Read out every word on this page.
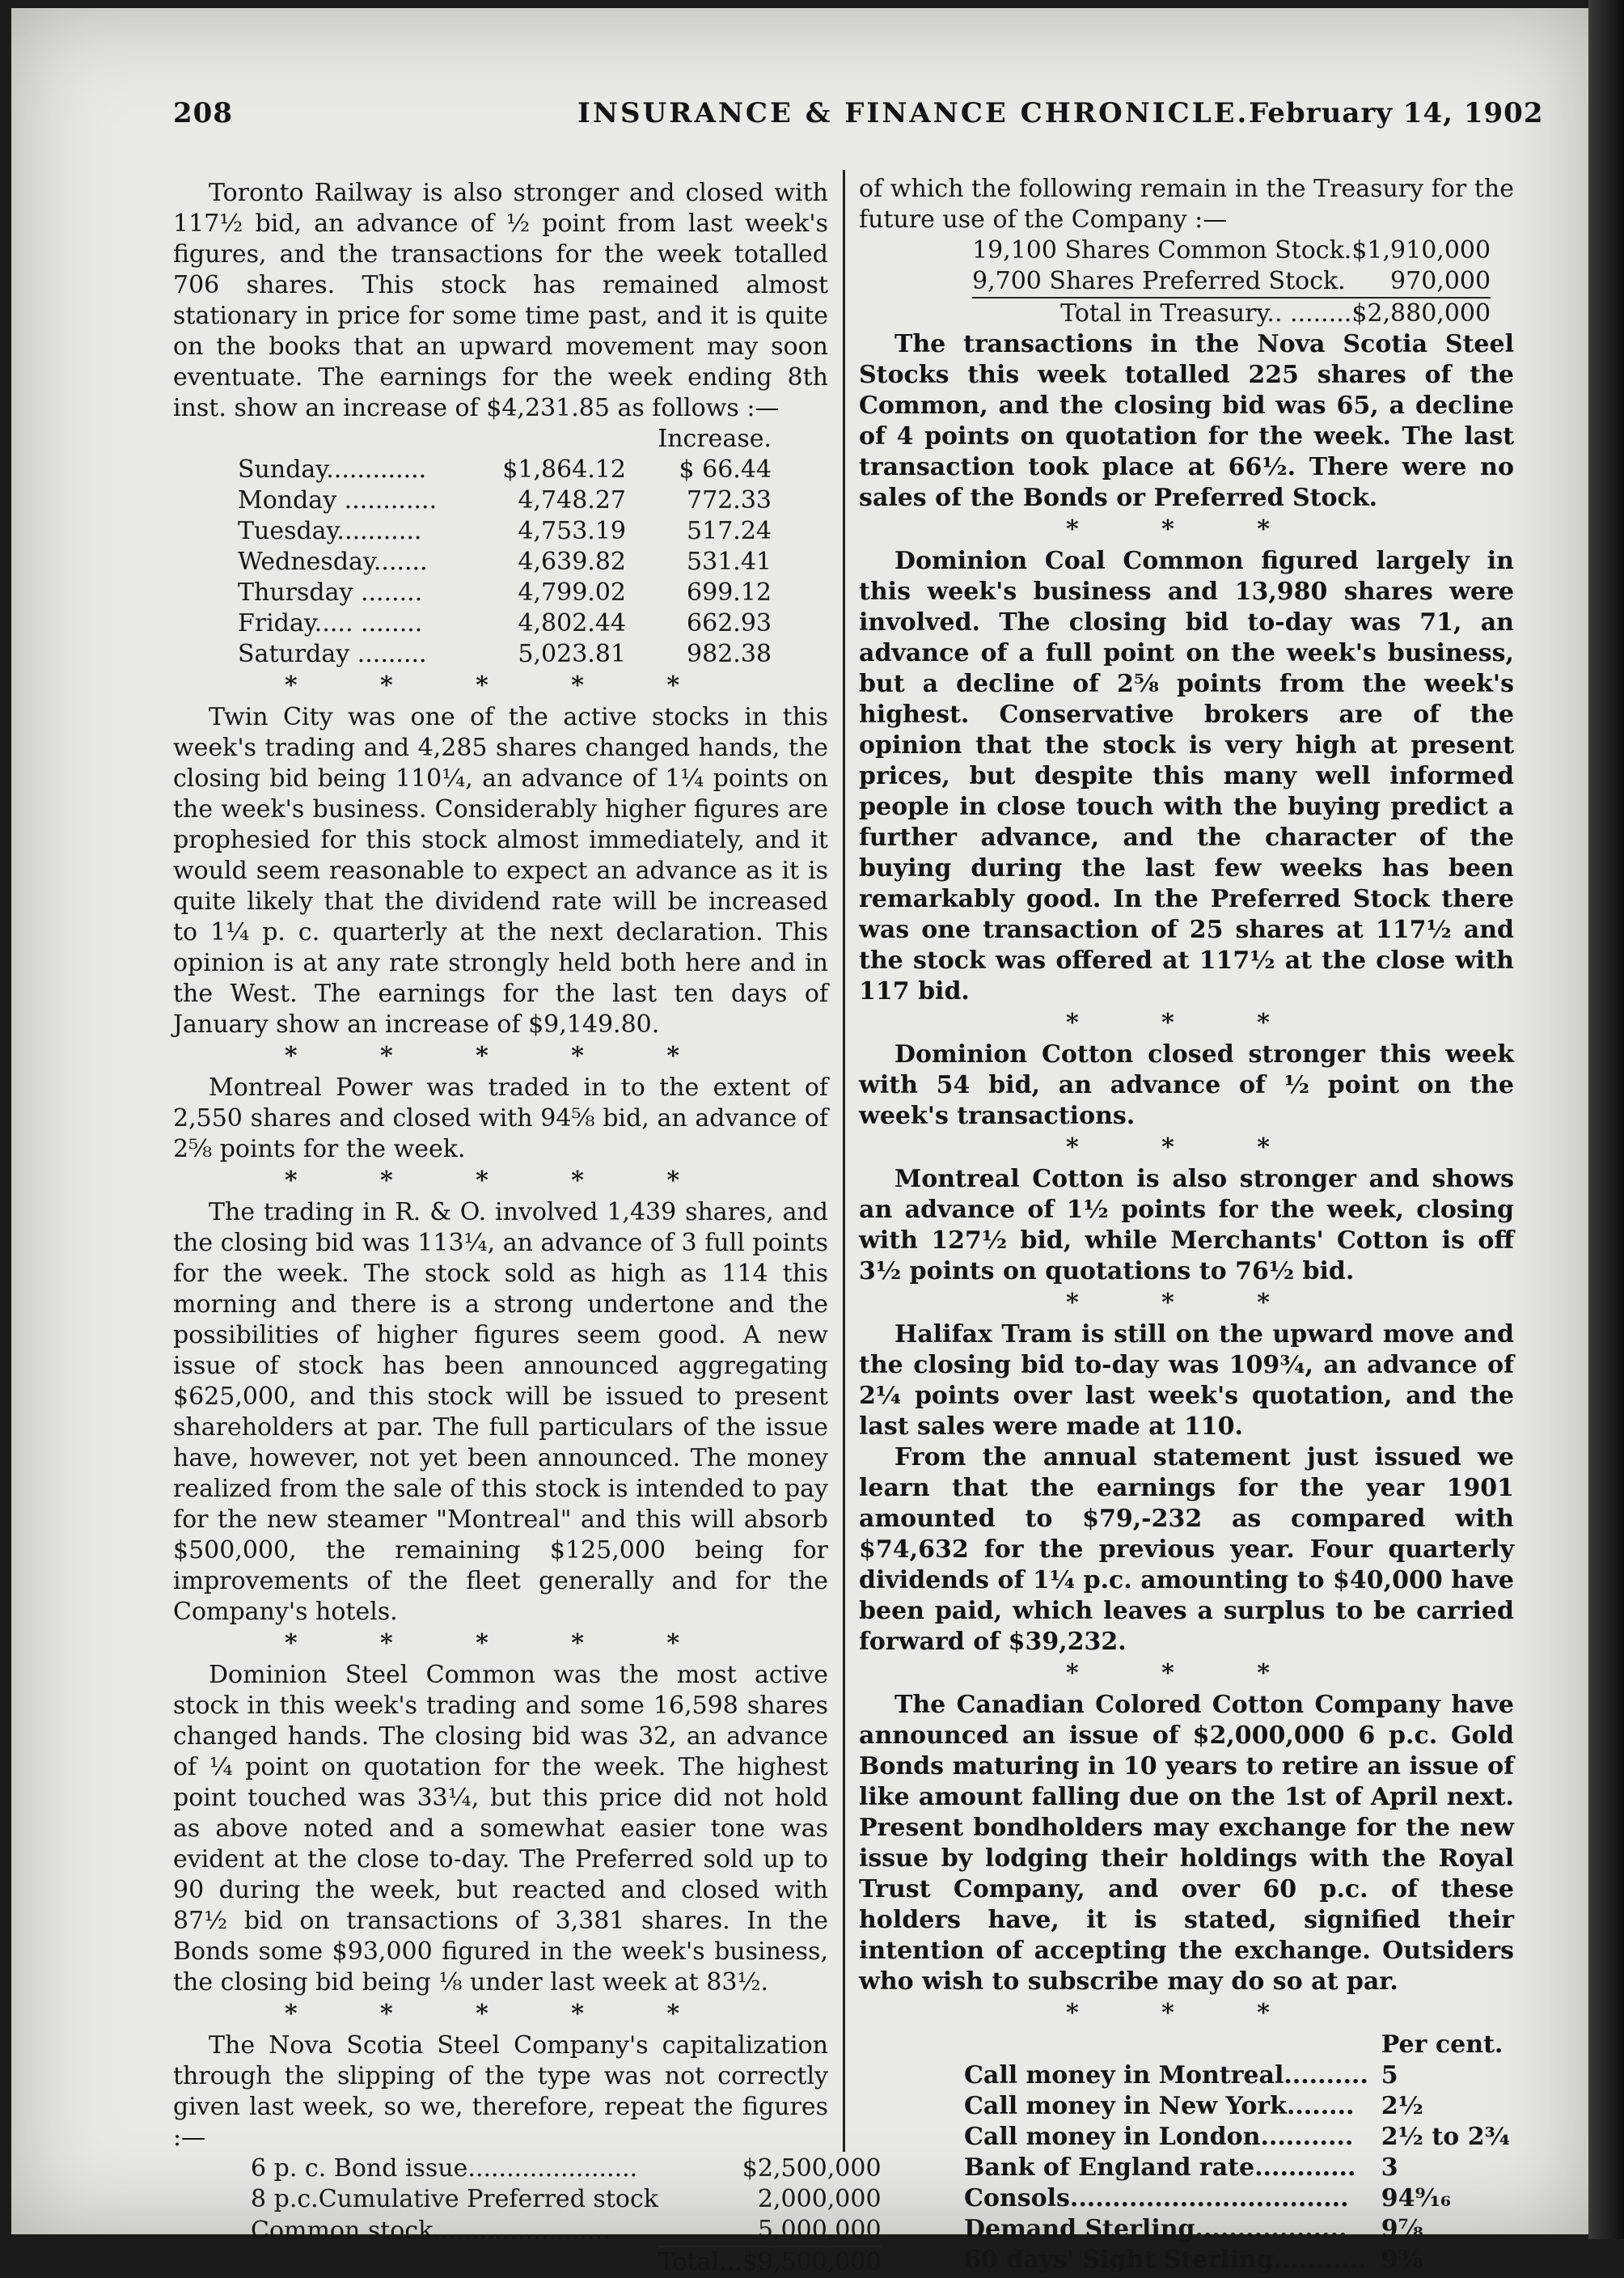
208	INSURANCE & FINANCE CHRONICLE. February 14, 1902

Toronto Railway is also stronger and closed with 117½ bid, an advance of ½ point from last week's figures, and the transactions for the week totalled 706 shares. This stock has remained almost stationary in price for some time past, and it is quite on the books that an upward movement may soon eventuate. The earnings for the week ending 8th inst. show an increase of $4,231.85 as follows :—

		Increase.
Sunday.............	$1,864.12	$ 66.44
Monday ............	4,748.27	772.33
Tuesday...........	4,753.19	517.24
Wednesday.......	4,639.82	531.41
Thursday ........	4,799.02	699.12
Friday..... ........	4,802.44	662.93
Saturday .........	5,023.81	982.38
* * * * *

Twin City was one of the active stocks in this week's trading and 4,285 shares changed hands, the closing bid being 110¼, an advance of 1¼ points on the week's business. Considerably higher figures are prophesied for this stock almost immediately, and it would seem reasonable to expect an advance as it is quite likely that the dividend rate will be increased to 1¼ p. c. quarterly at the next declaration. This opinion is at any rate strongly held both here and in the West. The earnings for the last ten days of January show an increase of $9,149.80.

* * * * *

Montreal Power was traded in to the extent of 2,550 shares and closed with 94⅝ bid, an advance of 2⅝ points for the week.

* * * * *

The trading in R. & O. involved 1,439 shares, and the closing bid was 113¼, an advance of 3 full points for the week. The stock sold as high as 114 this morning and there is a strong undertone and the possibilities of higher figures seem good. A new issue of stock has been announced aggregating $625,000, and this stock will be issued to present shareholders at par. The full particulars of the issue have, however, not yet been announced. The money realized from the sale of this stock is intended to pay for the new steamer "Montreal" and this will absorb $500,000, the remaining $125,000 being for improvements of the fleet generally and for the Company's hotels.

* * * * *

Dominion Steel Common was the most active stock in this week's trading and some 16,598 shares changed hands. The closing bid was 32, an advance of ¼ point on quotation for the week. The highest point touched was 33¼, but this price did not hold as above noted and a somewhat easier tone was evident at the close to-day. The Preferred sold up to 90 during the week, but reacted and closed with 87½ bid on transactions of 3,381 shares. In the Bonds some $93,000 figured in the week's business, the closing bid being ⅛ under last week at 83½.

* * * * *

The Nova Scotia Steel Company's capitalization through the slipping of the type was not correctly given last week, so we, therefore, repeat the figures :—

6 p. c. Bond issue......................	$2,500,000
8 p.c.Cumulative Preferred stock	2,000,000
Common stock.......................	5,000,000
	Total...$9,500,000

of which the following remain in the Treasury for the future use of the Company :—

19,100 Shares Common Stock.	$1,910,000
9,700 Shares Preferred Stock.	970,000
Total in Treasury.. ........$2,880,000	

The transactions in the Nova Scotia Steel Stocks this week totalled 225 shares of the Common, and the closing bid was 65, a decline of 4 points on quotation for the week. The last transaction took place at 66½. There were no sales of the Bonds or Preferred Stock.

* * *

Dominion Coal Common figured largely in this week's business and 13,980 shares were involved. The closing bid to-day was 71, an advance of a full point on the week's business, but a decline of 2⅝ points from the week's highest. Conservative brokers are of the opinion that the stock is very high at present prices, but despite this many well informed people in close touch with the buying predict a further advance, and the character of the buying during the last few weeks has been remarkably good. In the Preferred Stock there was one transaction of 25 shares at 117½ and the stock was offered at 117½ at the close with 117 bid.

* * *

Dominion Cotton closed stronger this week with 54 bid, an advance of ½ point on the week's transactions.

* * *

Montreal Cotton is also stronger and shows an advance of 1½ points for the week, closing with 127½ bid, while Merchants' Cotton is off 3½ points on quotations to 76½ bid.

* * *

Halifax Tram is still on the upward move and the closing bid to-day was 109¾, an advance of 2¼ points over last week's quotation, and the last sales were made at 110.

From the annual statement just issued we learn that the earnings for the year 1901 amounted to $79,-232 as compared with $74,632 for the previous year. Four quarterly dividends of 1¼ p.c. amounting to $40,000 have been paid, which leaves a surplus to be carried forward of $39,232.

* * *

The Canadian Colored Cotton Company have announced an issue of $2,000,000 6 p.c. Gold Bonds maturing in 10 years to retire an issue of like amount falling due on the 1st of April next. Present bondholders may exchange for the new issue by lodging their holdings with the Royal Trust Company, and over 60 p.c. of these holders have, it is stated, signified their intention of accepting the exchange. Outsiders who wish to subscribe may do so at par.

* * *
	Per cent.
Call money in Montreal..........	5
Call money in New York........	2½
Call money in London...........	2½ to 2¾
Bank of England rate............	3
Consols.................................	94⁹⁄₁₆
Demand Sterling..................	9⅞
60 days' Sight Sterling...........	9⅜
